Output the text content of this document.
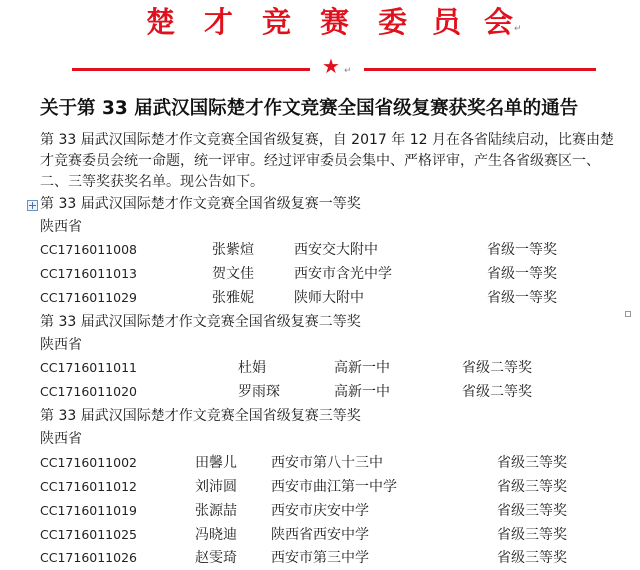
楚 才 竞 赛 委 员 会 ↵
★ ↵
关于第 33 届武汉国际楚才作文竞赛全国省级复赛获奖名单的通告
第 33 届武汉国际楚才作文竞赛全国省级复赛，自 2017 年 12 月在各省陆续启动，比赛由楚
才竞赛委员会统一命题，统一评审。经过评审委员会集中、严格评审，产生各省级赛区一、
二、三等奖获奖名单。现公告如下。
第 33 届武汉国际楚才作文竞赛全国省级复赛一等奖
陕西省
CC1716011008	张紫煊	西安交大附中	省级一等奖
CC1716011013	贺文佳	西安市含光中学	省级一等奖
CC1716011029	张雅妮	陕师大附中	省级一等奖
第 33 届武汉国际楚才作文竞赛全国省级复赛二等奖
陕西省
CC1716011011	杜娟	高新一中	省级二等奖
CC1716011020	罗雨琛	高新一中	省级二等奖
第 33 届武汉国际楚才作文竞赛全国省级复赛三等奖
陕西省
CC1716011002	田馨儿 西安市第八十三中	省级三等奖
CC1716011012	刘沛圆 西安市曲江第一中学	省级三等奖
CC1716011019	张源喆 西安市庆安中学	省级三等奖
CC1716011025	冯晓迪 陕西省西安中学	省级三等奖
CC1716011026	赵雯琦 西安市第三中学	省级三等奖
